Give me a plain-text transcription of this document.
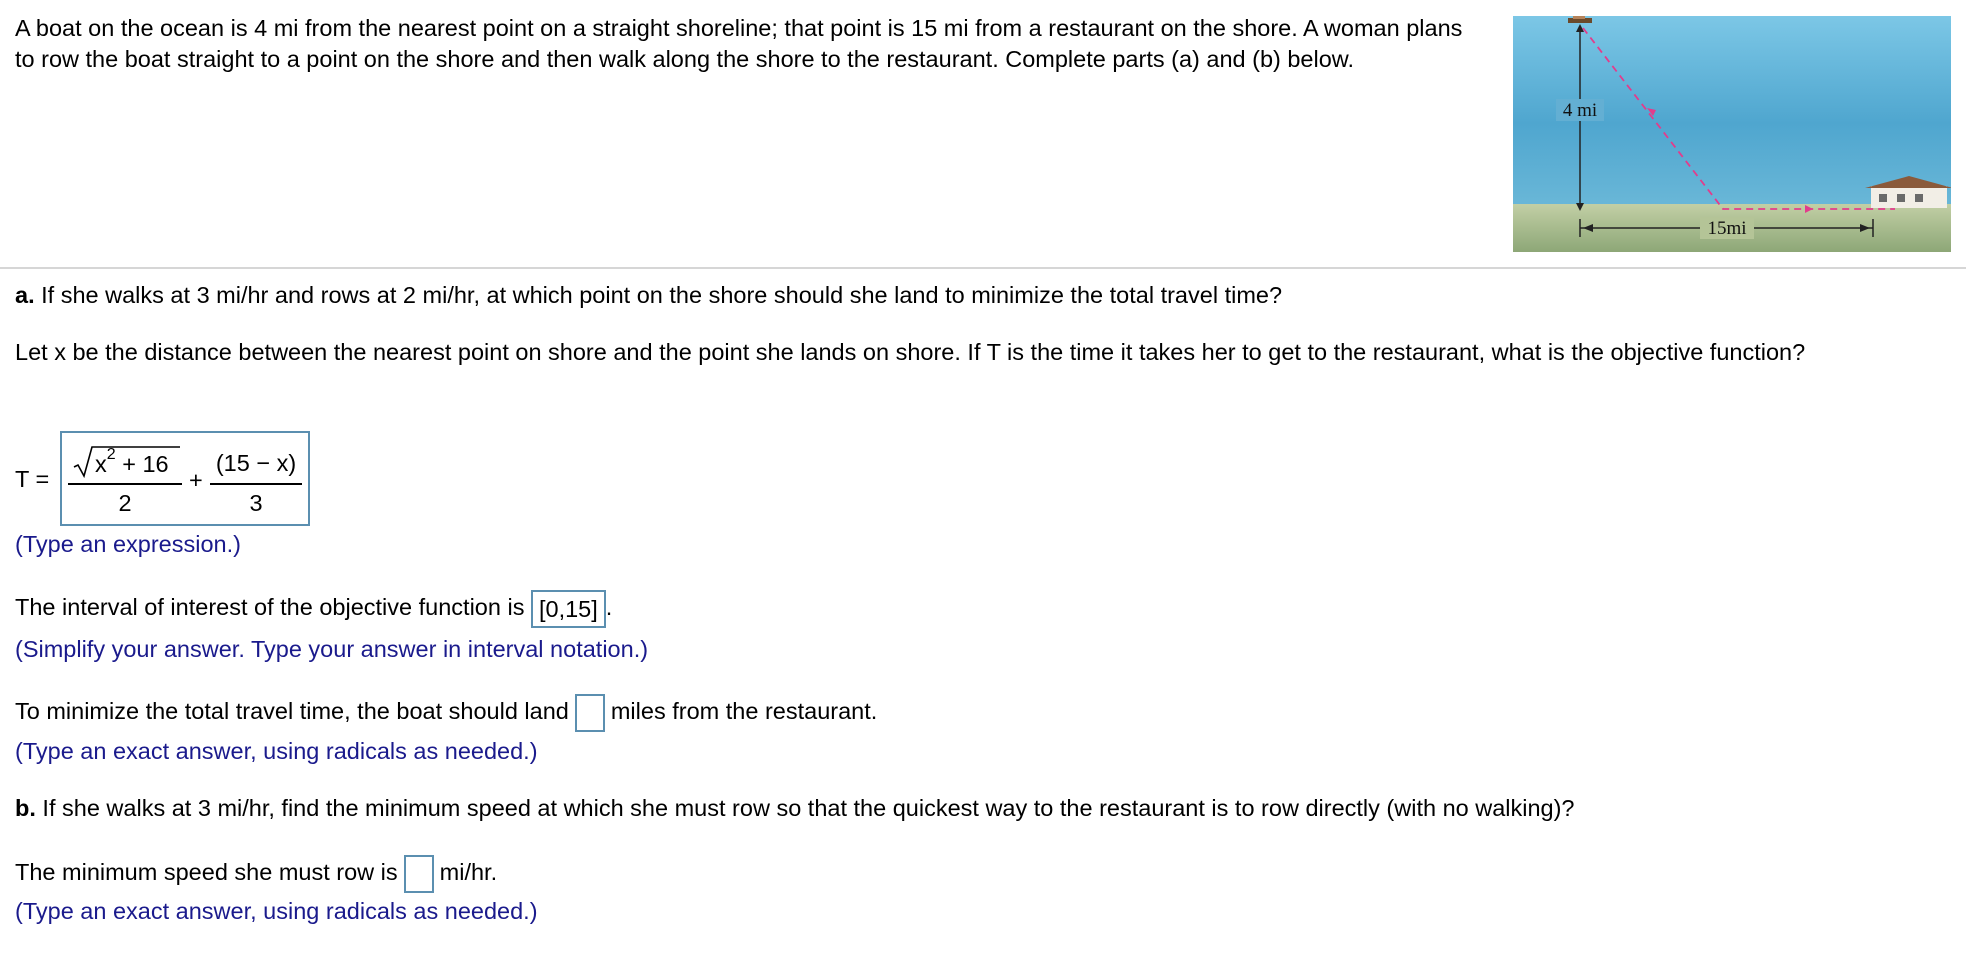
A boat on the ocean is 4 mi from the nearest point on a straight shoreline; that point is 15 mi from a restaurant on the shore. A woman plans to row the boat straight to a point on the shore and then walk along the shore to the restaurant. Complete parts (a) and (b) below.
4 mi
15mi
a. If she walks at 3 mi/hr and rows at 2 mi/hr, at which point on the shore should she land to minimize the total travel time?
Let x be the distance between the nearest point on shore and the point she lands on shore. If T is the time it takes her to get to the restaurant, what is the objective function?
T =
$x^2 + 16$
2
+
(15 − x)
3
(Type an expression.)
The interval of interest of the objective function is [0,15] .
(Simplify your answer. Type your answer in interval notation.)
To minimize the total travel time, the boat should land miles from the restaurant.
(Type an exact answer, using radicals as needed.)
b. If she walks at 3 mi/hr, find the minimum speed at which she must row so that the quickest way to the restaurant is to row directly (with no walking)?
The minimum speed she must row is mi/hr.
(Type an exact answer, using radicals as needed.)
